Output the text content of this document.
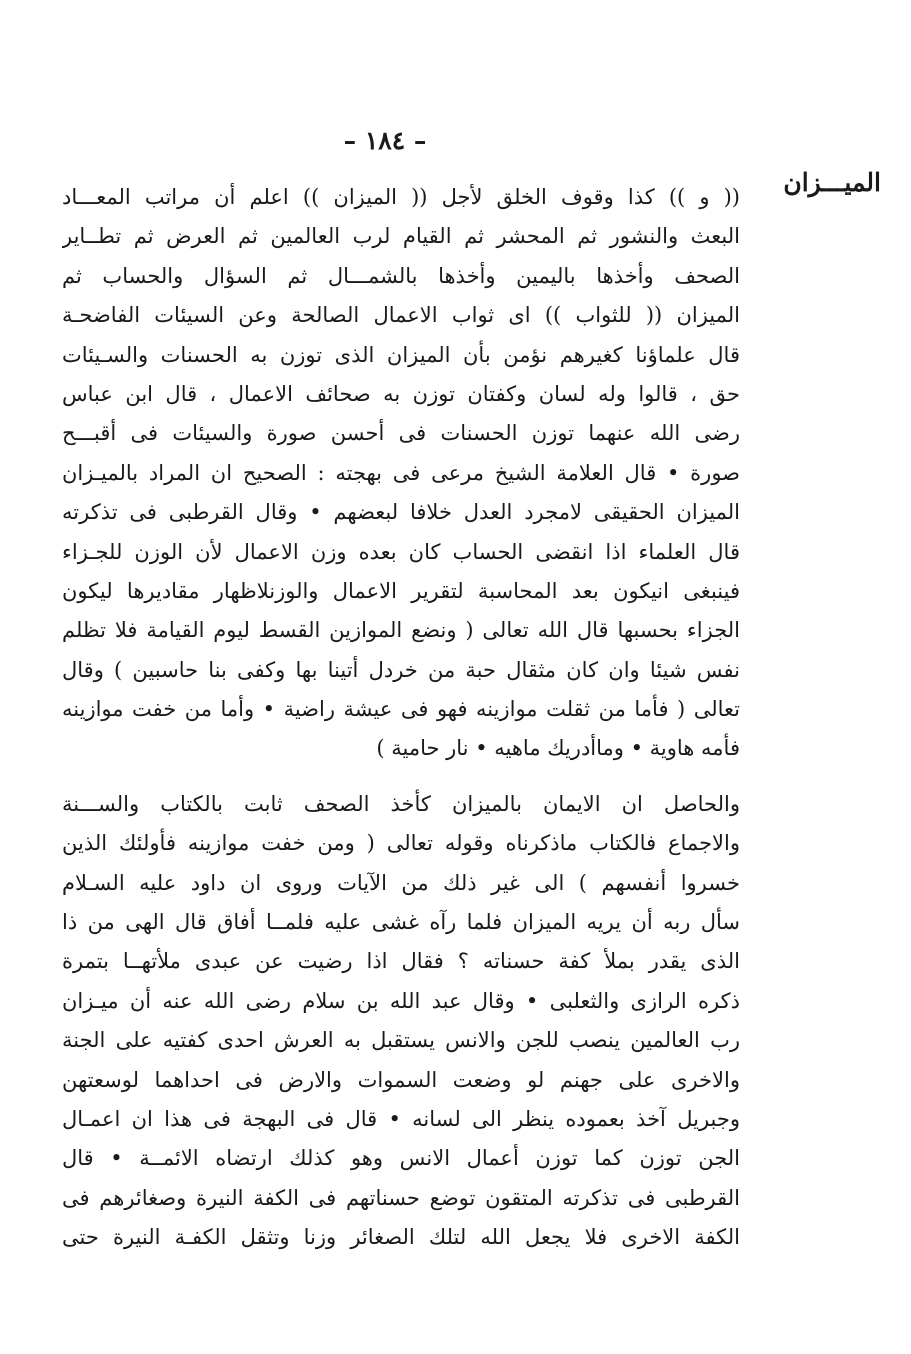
– ١٨٤ –
الميـــزان
(( و )) كذا وقوف الخلق لأجل (( الميزان )) اعلم أن مراتب المعـــاد
البعث والنشور ثم المحشر ثم القيام لرب العالمين ثم العرض ثم تطــاير
الصحف وأخذها باليمين وأخذها بالشمـــال ثم السؤال والحساب ثم
الميزان (( للثواب )) اى ثواب الاعمال الصالحة وعن السيئات الفاضحـة
قال علماؤنا كغيرهم نؤمن بأن الميزان الذى توزن به الحسنات والسـيئات
حق ، قالوا وله لسان وكفتان توزن به صحائف الاعمال ، قال ابن عباس
رضى الله عنهما توزن الحسنات فى أحسن صورة والسيئات فى أقبـــح
صورة • قال العلامة الشيخ مرعى فى بهجته : الصحيح ان المراد بالميـزان
الميزان الحقيقى لامجرد العدل خلافا لبعضهم • وقال القرطبى فى تذكرته
قال العلماء اذا انقضى الحساب كان بعده وزن الاعمال لأن الوزن للجـزاء
فينبغى انيكون بعد المحاسبة لتقرير الاعمال والوزنلاظهار مقاديرها ليكون
الجزاء بحسبها قال الله تعالى ( ونضع الموازين القسط ليوم القيامة فلا تظلم
نفس شيئا وان كان مثقال حبة من خردل أتينا بها وكفى بنا حاسبين ) وقال
تعالى ( فأما من ثقلت موازينه فهو فى عيشة راضية • وأما من خفت موازينه
فأمه هاوية • وماأدريك ماهيه • نار حامية )
والحاصل ان الايمان بالميزان كأخذ الصحف ثابت بالكتاب والســـنة
والاجماع فالكتاب ماذكرناه وقوله تعالى ( ومن خفت موازينه فأولئك الذين
خسروا أنفسهم ) الى غير ذلك من الآيات وروى ان داود عليه السـلام
سأل ربه أن يريه الميزان فلما رآه غشى عليه فلمــا أفاق قال الهى من ذا
الذى يقدر بملأ كفة حسناته ؟ فقال اذا رضيت عن عبدى ملأتهــا بتمرة
ذكره الرازى والثعلبى • وقال عبد الله بن سلام رضى الله عنه أن ميـزان
رب العالمين ينصب للجن والانس يستقبل به العرش احدى كفتيه على الجنة
والاخرى على جهنم لو وضعت السموات والارض فى احداهما لوسعتهن
وجبريل آخذ بعموده ينظر الى لسانه • قال فى البهجة فى هذا ان اعمـال
الجن توزن كما توزن أعمال الانس وهو كذلك ارتضاه الائمــة • قال
القرطبى فى تذكرته المتقون توضع حسناتهم فى الكفة النيرة وصغائرهم فى
الكفة الاخرى فلا يجعل الله لتلك الصغائر وزنا وتثقل الكفـة النيرة حتى
